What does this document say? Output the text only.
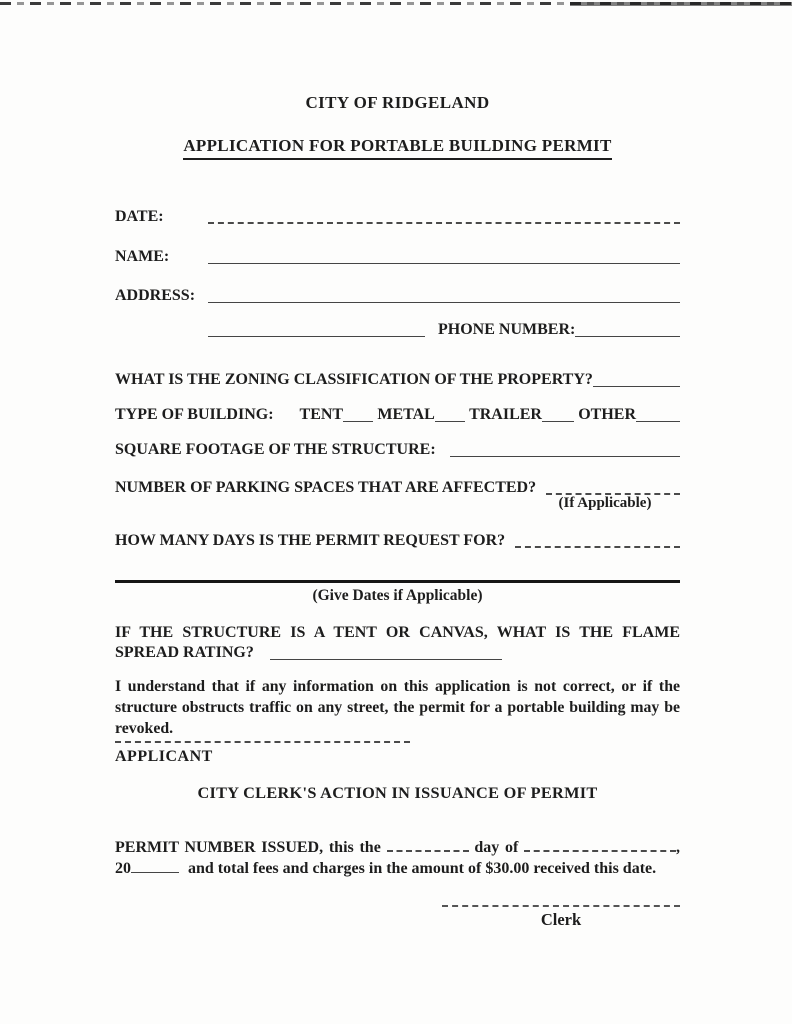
CITY OF RIDGELAND
APPLICATION FOR PORTABLE BUILDING PERMIT
DATE:
NAME:
ADDRESS:
PHONE NUMBER:
WHAT IS THE ZONING CLASSIFICATION OF THE PROPERTY?
TYPE OF BUILDING: TENT METAL TRAILER OTHER
SQUARE FOOTAGE OF THE STRUCTURE:
NUMBER OF PARKING SPACES THAT ARE AFFECTED?
(If Applicable)
HOW MANY DAYS IS THE PERMIT REQUEST FOR?
(Give Dates if Applicable)
IF THE STRUCTURE IS A TENT OR CANVAS, WHAT IS THE FLAME
SPREAD RATING?

I understand that if any information on this application is not correct, or if the structure obstructs traffic on any street, the permit for a portable building may be revoked.

APPLICANT
CITY CLERK'S ACTION IN ISSUANCE OF PERMIT
PERMIT NUMBER ISSUED, this the	day of	,
20	and total fees and charges in the amount of $30.00 received this date.
Clerk
